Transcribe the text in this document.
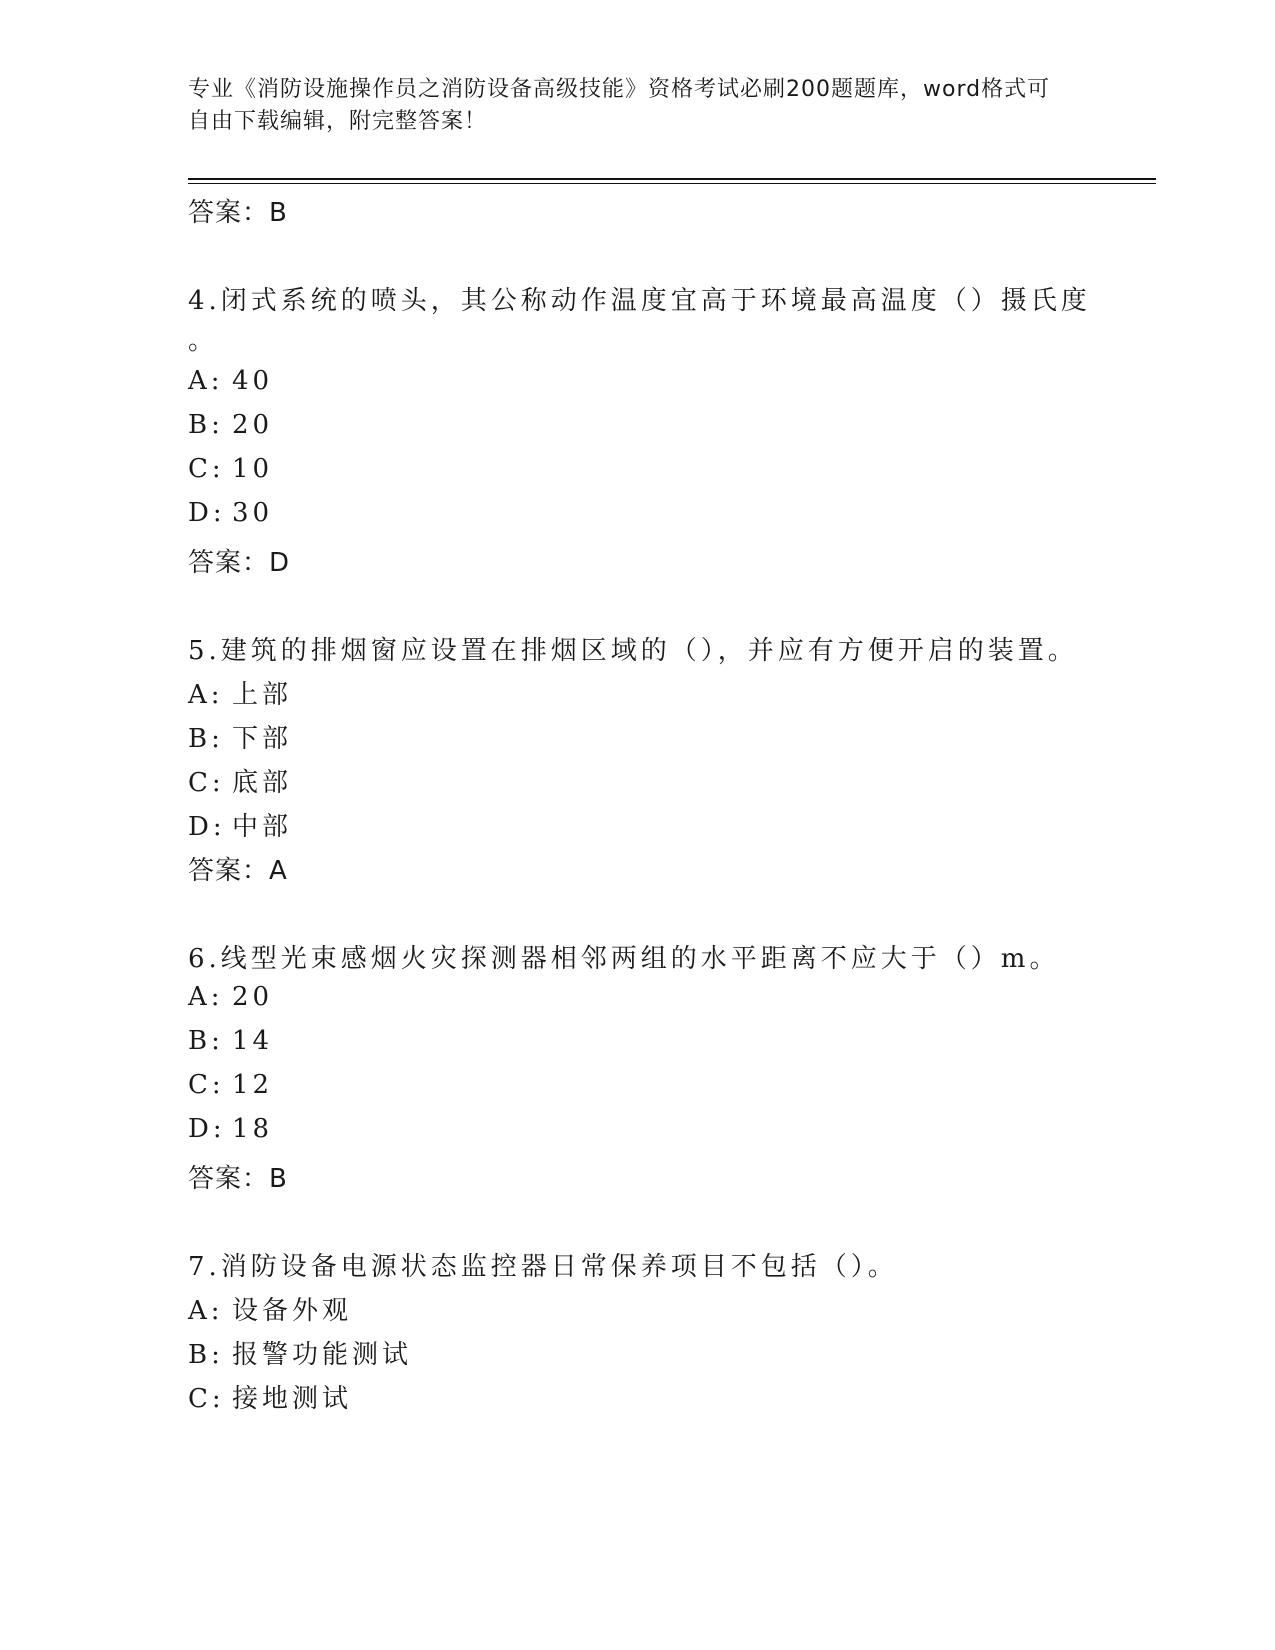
专业《消防设施操作员之消防设备高级技能》资格考试必刷200题题库，word格式可自由下载编辑，附完整答案！
答案：B
4.闭式系统的喷头，其公称动作温度宜高于环境最高温度（）摄氏度
。
A: 40
B: 20
C: 10
D: 30
答案：D
5.建筑的排烟窗应设置在排烟区域的（），并应有方便开启的装置。
A: 上部
B: 下部
C: 底部
D: 中部
答案：A
6.线型光束感烟火灾探测器相邻两组的水平距离不应大于（）m。
A: 20
B: 14
C: 12
D: 18
答案：B
7.消防设备电源状态监控器日常保养项目不包括（）。
A: 设备外观
B: 报警功能测试
C: 接地测试
